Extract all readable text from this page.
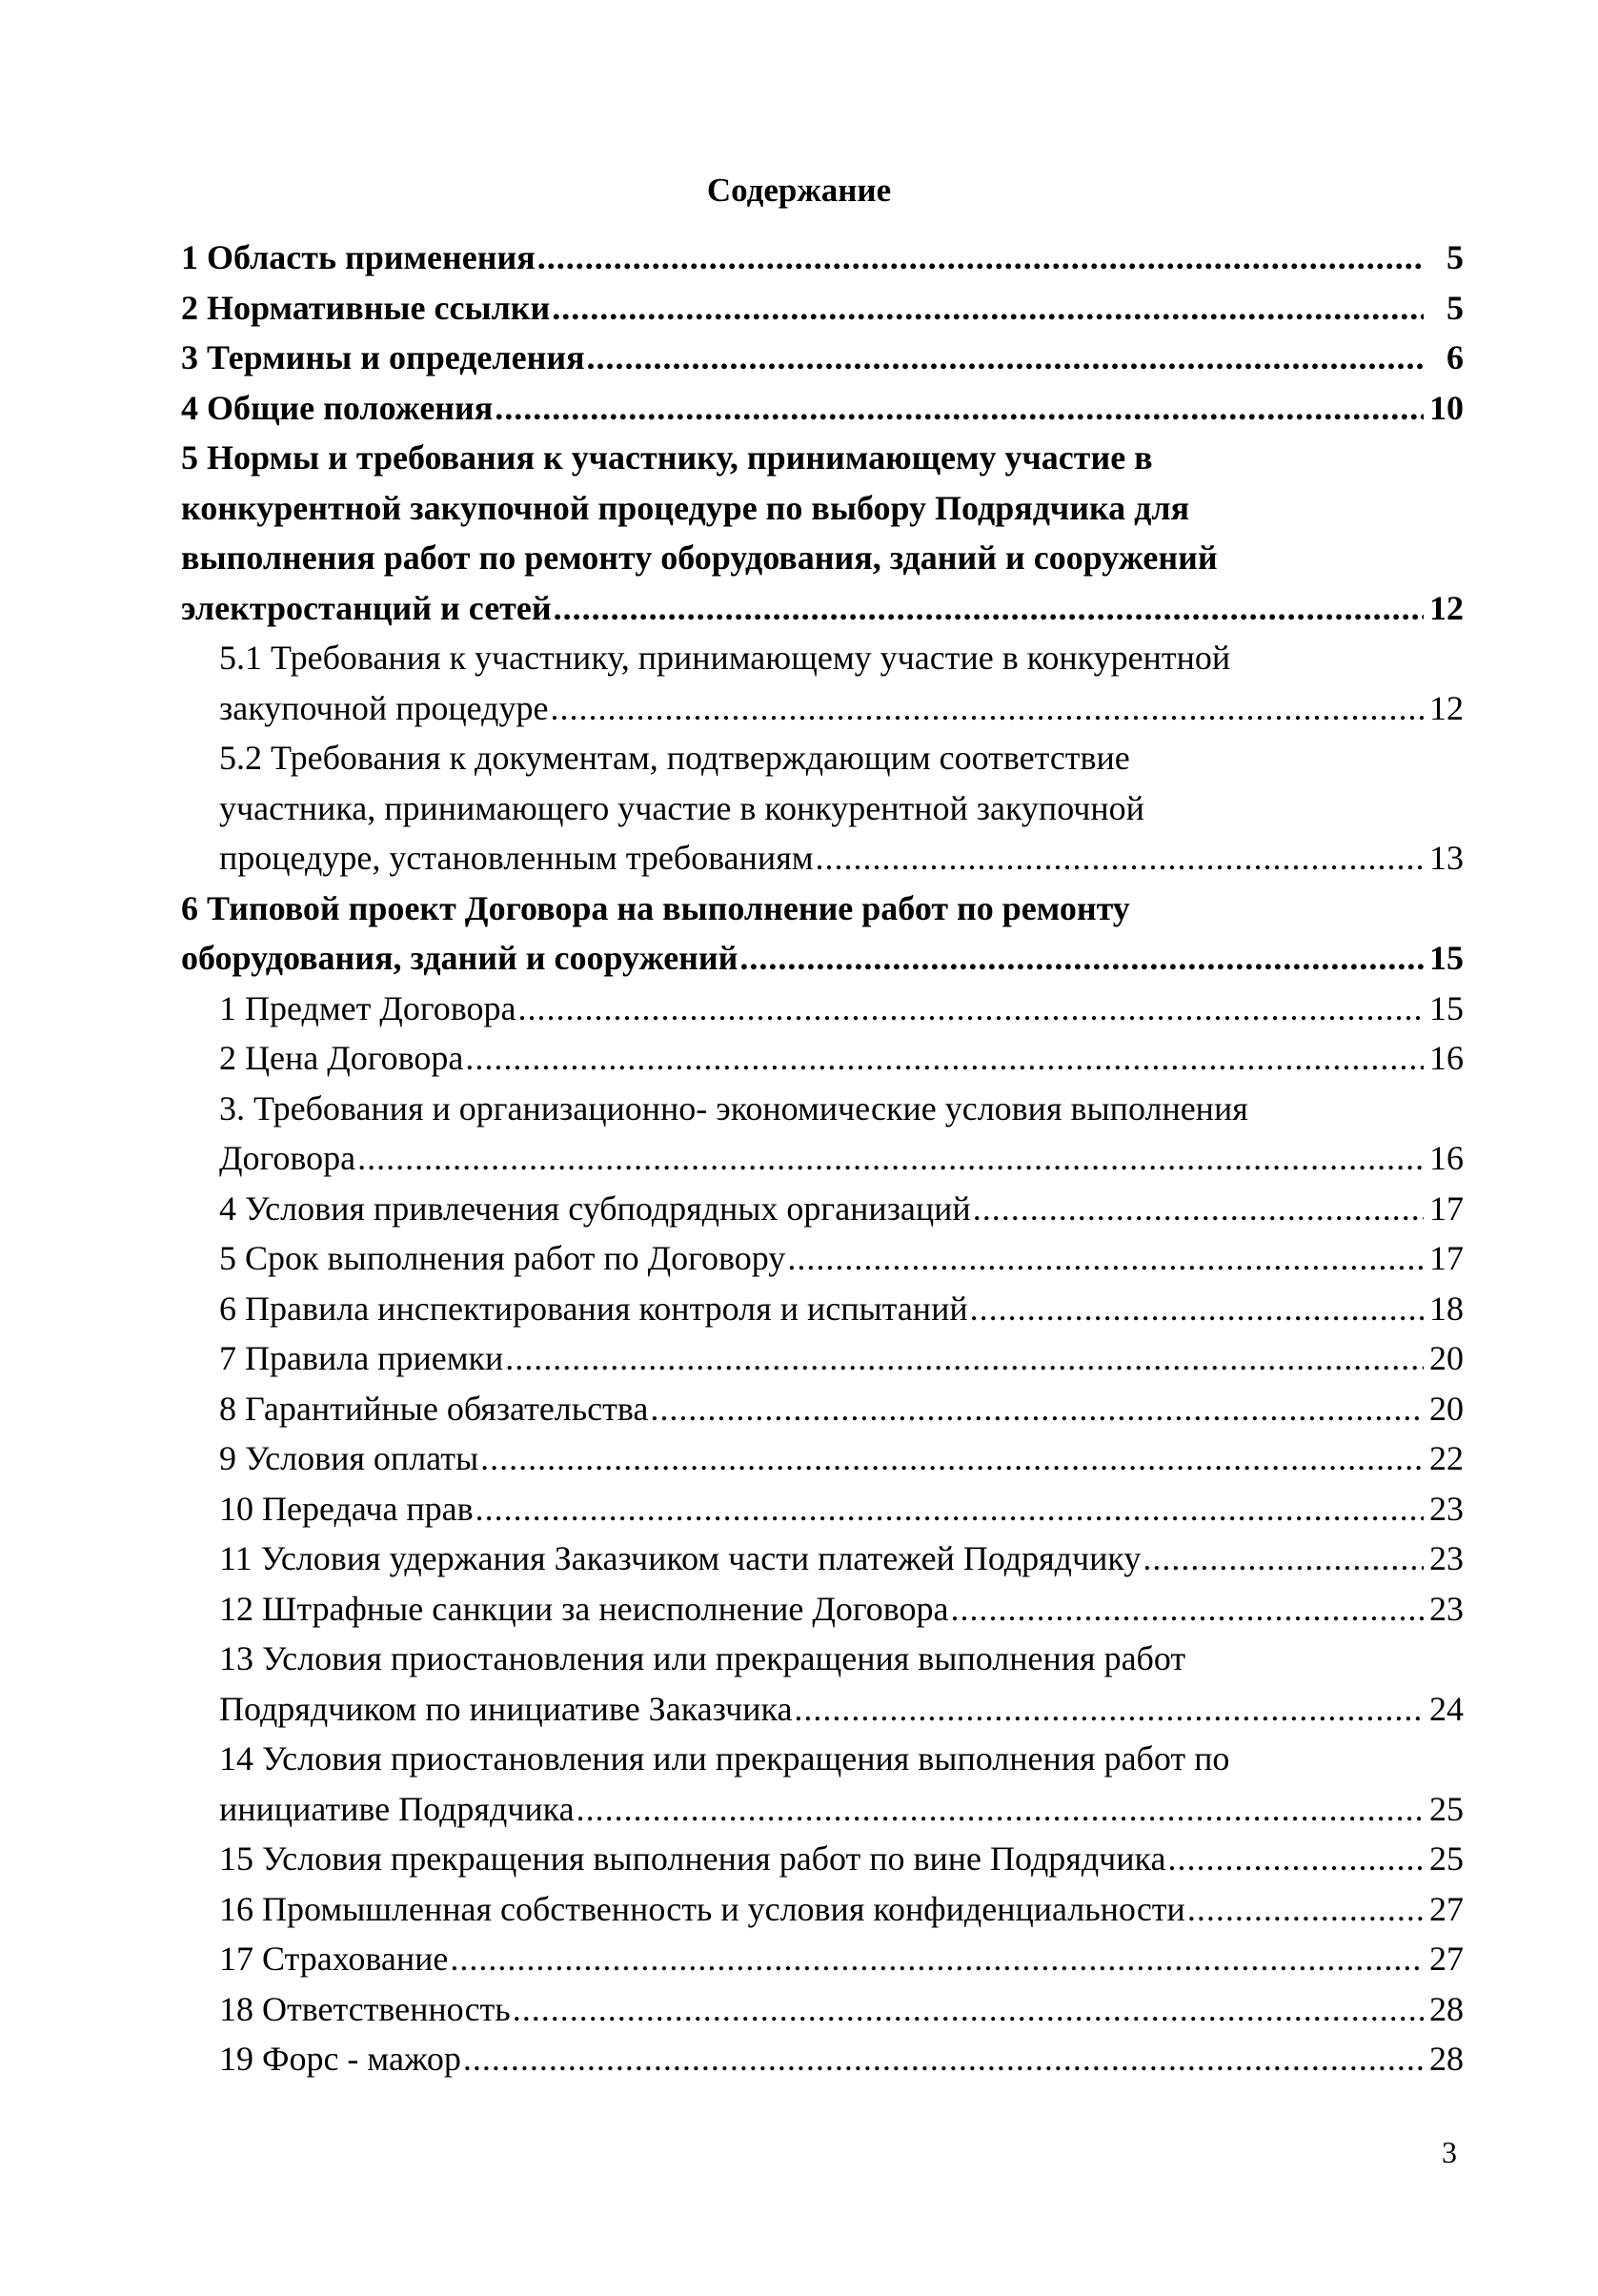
Содержание
1 Область применения .....	5
2 Нормативные ссылки .....	5
3 Термины и определения .....	6
4 Общие положения .....	10
5 Нормы и требования к участнику, принимающему участие в
конкурентной закупочной процедуре по выбору Подрядчика для
выполнения работ по ремонту оборудования, зданий и сооружений
электростанций и сетей .....	12
5.1 Требования к участнику, принимающему участие в конкурентной
закупочной процедуре .....	12
5.2 Требования к документам, подтверждающим соответствие
участника, принимающего участие в конкурентной закупочной
процедуре, установленным требованиям .....	13
6 Типовой проект Договора на выполнение работ по ремонту
оборудования, зданий и сооружений .....	15
1 Предмет Договора .....	15
2 Цена Договора .....	16
3. Требования и организационно- экономические условия выполнения
Договора .....	16
4 Условия привлечения субподрядных организаций .....	17
5 Срок выполнения работ по Договору .....	17
6 Правила инспектирования контроля и испытаний .....	18
7 Правила приемки .....	20
8 Гарантийные обязательства .....	20
9 Условия оплаты .....	22
10 Передача прав .....	23
11 Условия удержания Заказчиком части платежей Подрядчику .....	23
12 Штрафные санкции за неисполнение Договора .....	23
13 Условия приостановления или прекращения выполнения работ
Подрядчиком по инициативе Заказчика .....	24
14 Условия приостановления или прекращения выполнения работ по
инициативе Подрядчика .....	25
15 Условия прекращения выполнения работ по вине Подрядчика .....	25
16 Промышленная собственность и условия конфиденциальности .....	27
17 Страхование .....	27
18 Ответственность .....	28
19 Форс - мажор .....	28
3
